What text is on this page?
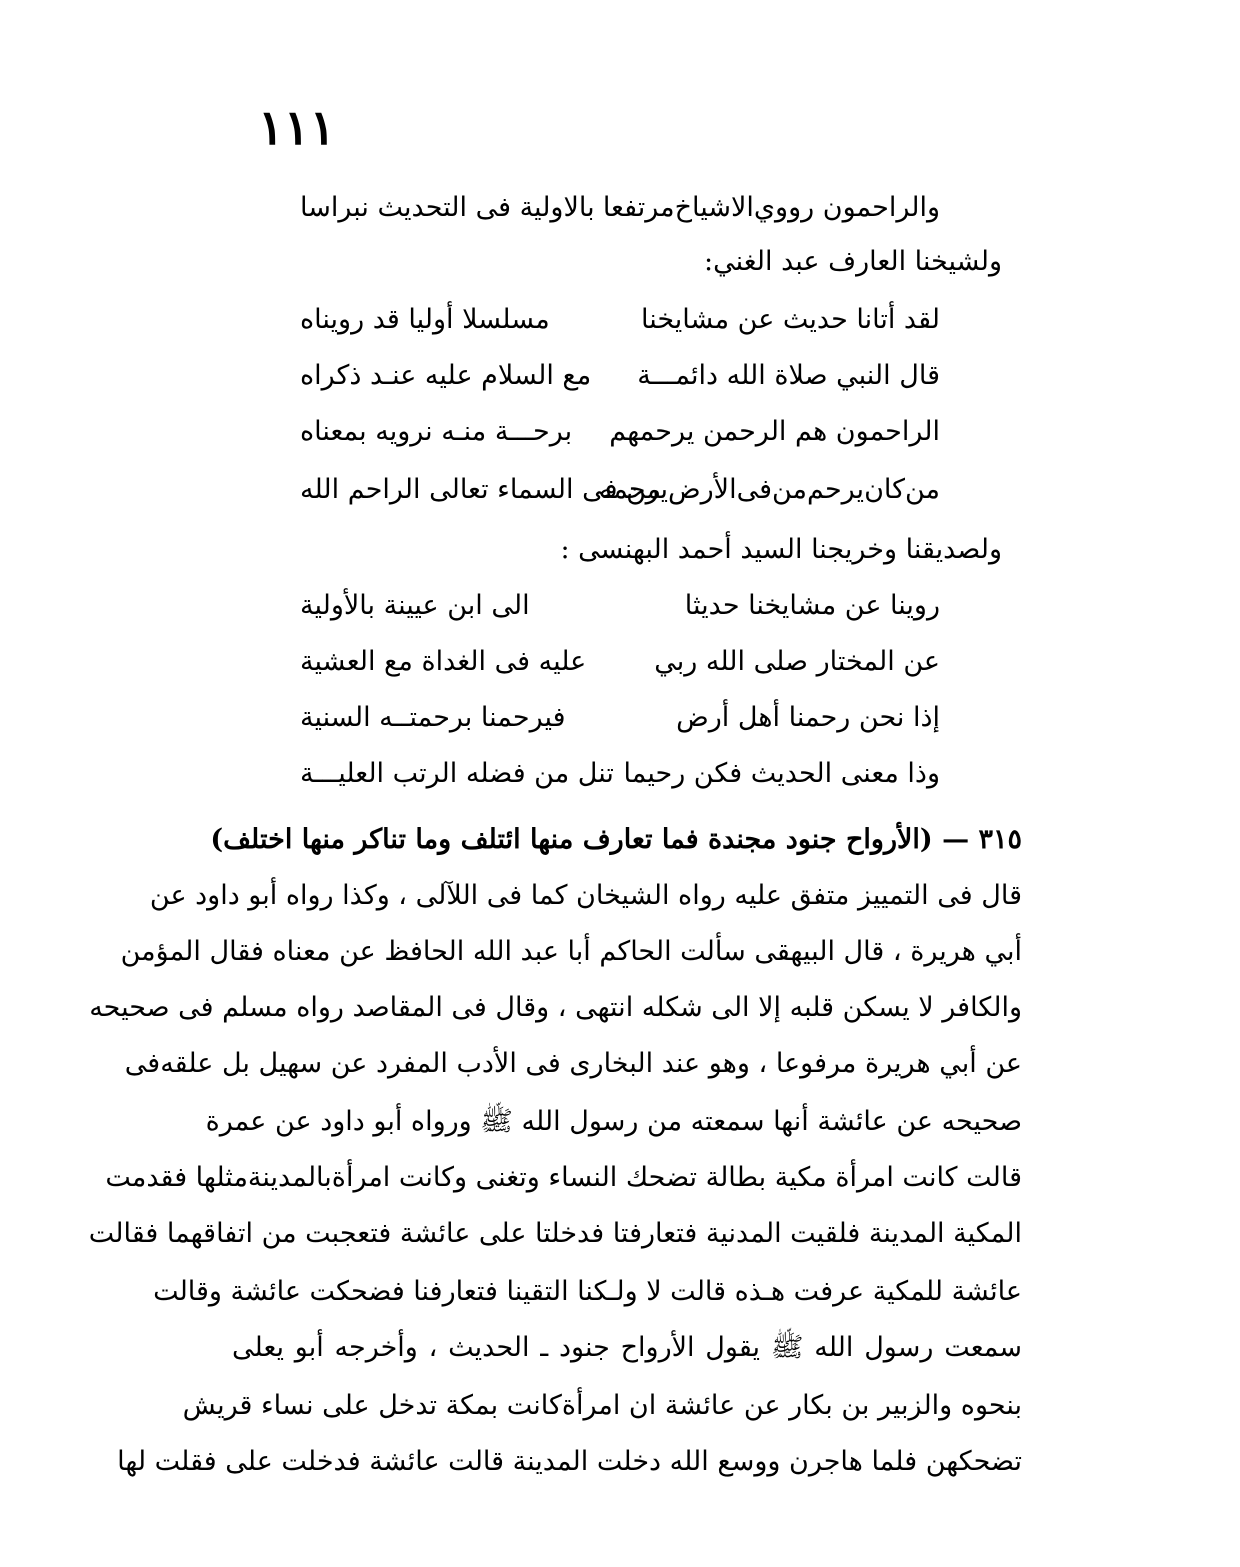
١١١
والراحمون رووي‌الاشياخ‌مرتفعا
بالاولية فى التحديث نبراسا
ولشيخنا العارف عبد الغني:
لقد أتانا حديث عن مشايخنا
مسلسلا أوليا قد رويناه
قال النبي صلاة الله دائمـــة
مع السلام عليه عنـد ذكراه
الراحمون هم الرحمن يرحمهم
برحـــة منـه نرويه بمعناه
من‌كان‌يرحم‌من‌فى‌الأرض‌يرحمه
من فى السماء تعالى الراحم الله
ولصديقنا وخريجنا السيد أحمد البهنسى :
روينا عن مشايخنا حديثا
الى ابن عيينة بالأولية
عن المختار صلى الله ربي
عليه فى الغداة مع العشية
إذا نحن رحمنا أهل أرض
فيرحمنا برحمتــه السنية
وذا معنى الحديث فكن رحيما
تنل من فضله الرتب العليـــة
٣١٥ — (الأرواح جنود مجندة فما تعارف منها ائتلف وما تناكر منها اختلف)
قال فى التمييز متفق عليه رواه الشيخان كما فى اللآلى ، وكذا رواه أبو داود عن
أبي هريرة ، قال البيهقى سألت الحاكم أبا عبد الله الحافظ عن معناه فقال المؤمن
والكافر لا يسكن قلبه إلا الى شكله انتهى ، وقال فى المقاصد رواه مسلم فى صحيحه
عن أبي هريرة مرفوعا ، وهو عند البخارى فى الأدب المفرد عن سهيل بل علقه‌فى
صحيحه عن عائشة أنها سمعته من رسول الله ﷺ ورواه أبو داود عن عمرة
قالت كانت امرأة مكية بطالة تضحك النساء وتغنى وكانت امرأة‌بالمدينة‌مثلها فقدمت
المكية المدينة فلقيت المدنية فتعارفتا فدخلتا على عائشة فتعجبت من اتفاقهما فقالت
عائشة للمكية عرفت هـذه قالت لا ولـكنا التقينا فتعارفنا فضحكت عائشة وقالت
سمعت رسول الله ﷺ يقول الأرواح جنود ـ الحديث ، وأخرجه أبو يعلى
بنحوه والزبير بن بكار عن عائشة ان امرأة‌كانت بمكة تدخل على نساء قريش
تضحكهن فلما هاجرن ووسع الله دخلت المدينة قالت عائشة فدخلت على فقلت لها
